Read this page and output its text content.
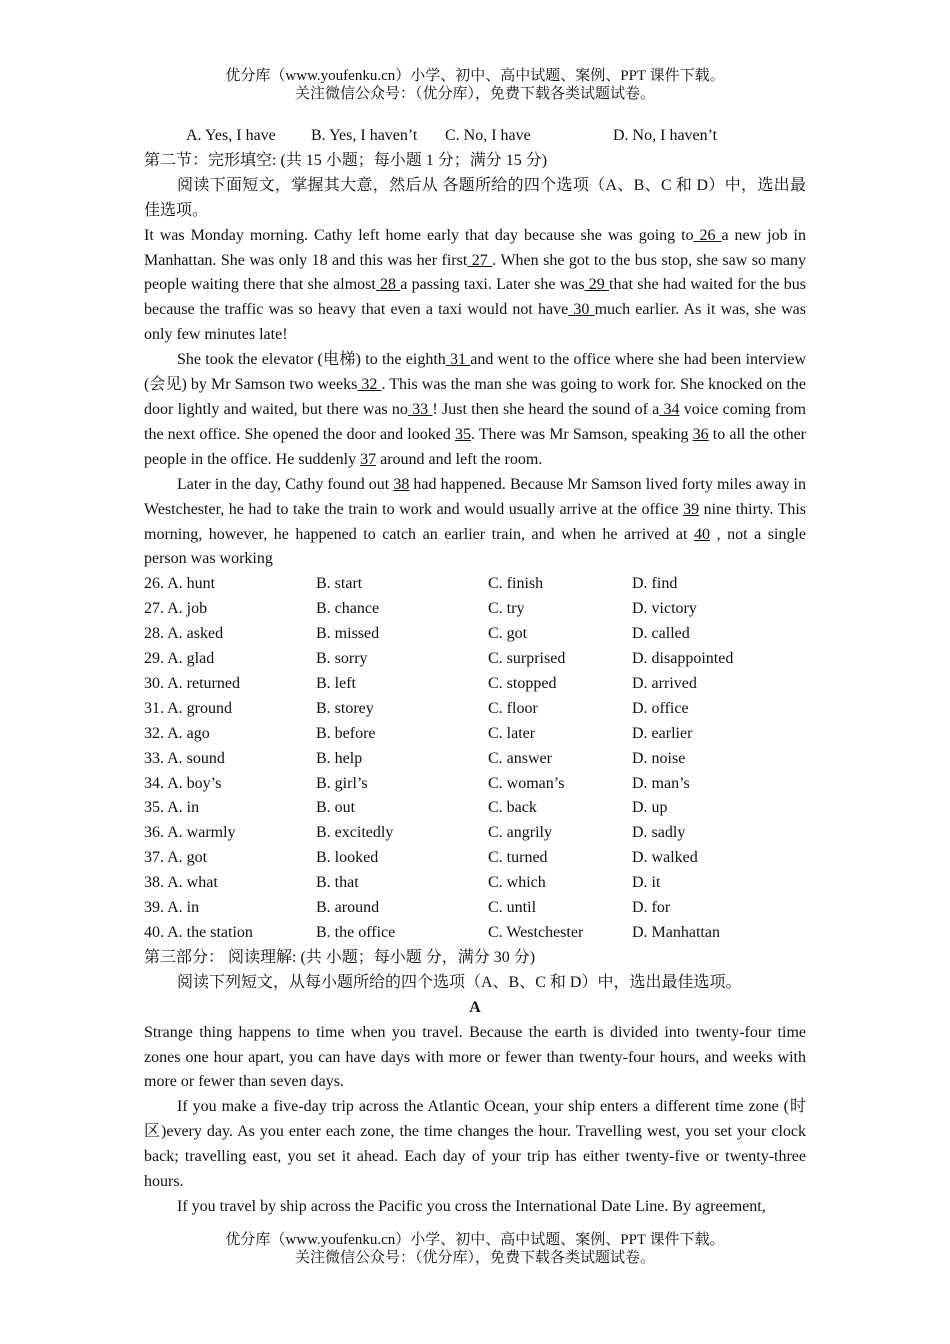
优分库（www.youfenku.cn）小学、初中、高中试题、案例、PPT 课件下载。
关注微信公众号：（优分库），免费下载各类试题试卷。
A. Yes, I have	B. Yes, I haven’t	C. No, I have	D. No, I haven’t
第二节：完形填空: (共 15 小题；每小题 1 分；满分 15 分)

阅读下面短文，掌握其大意，然后从 各题所给的四个选项（A、B、C 和 D）中，选出最佳选项。

It was Monday morning. Cathy left home early that day because she was going to 26 a new job in Manhattan. She was only 18 and this was her first 27 . When she got to the bus stop, she saw so many people waiting there that she almost 28 a passing taxi. Later she was 29 that she had waited for the bus because the traffic was so heavy that even a taxi would not have 30 much earlier. As it was, she was only few minutes late!

She took the elevator (电梯) to the eighth 31 and went to the office where she had been interview (会见) by Mr Samson two weeks 32 . This was the man she was going to work for. She knocked on the door lightly and waited, but there was no 33 ! Just then she heard the sound of a 34 voice coming from the next office. She opened the door and looked 35. There was Mr Samson, speaking 36 to all the other people in the office. He suddenly 37 around and left the room.

Later in the day, Cathy found out 38 had happened. Because Mr Samson lived forty miles away in Westchester, he had to take the train to work and would usually arrive at the office 39 nine thirty. This morning, however, he happened to catch an earlier train, and when he arrived at 40 , not a single person was working

26. A. hunt	B. start	C. finish	D. find
27. A. job	B. chance	C. try	D. victory
28. A. asked	B. missed	C. got	D. called
29. A. glad	B. sorry	C. surprised	D. disappointed
30. A. returned	B. left	C. stopped	D. arrived
31. A. ground	B. storey	C. floor	D. office
32. A. ago	B. before	C. later	D. earlier
33. A. sound	B. help	C. answer	D. noise
34. A. boy’s	B. girl’s	C. woman’s	D. man’s
35. A. in	B. out	C. back	D. up
36. A. warmly	B. excitedly	C. angrily	D. sadly
37. A. got	B. looked	C. turned	D. walked
38. A. what	B. that	C. which	D. it
39. A. in	B. around	C. until	D. for
40. A. the station	B. the office	C. Westchester	D. Manhattan
第三部分： 阅读理解: (共 小题；每小题 分，满分 30 分)

阅读下列短文，从每小题所给的四个选项（A、B、C 和 D）中，选出最佳选项。

A

Strange thing happens to time when you travel. Because the earth is divided into twenty-four time zones one hour apart, you can have days with more or fewer than twenty-four hours, and weeks with more or fewer than seven days.

If you make a five-day trip across the Atlantic Ocean, your ship enters a different time zone (时区)every day. As you enter each zone, the time changes the hour. Travelling west, you set your clock back; travelling east, you set it ahead. Each day of your trip has either twenty-five or twenty-three hours.

If you travel by ship across the Pacific you cross the International Date Line. By agreement,

优分库（www.youfenku.cn）小学、初中、高中试题、案例、PPT 课件下载。
关注微信公众号：（优分库），免费下载各类试题试卷。
